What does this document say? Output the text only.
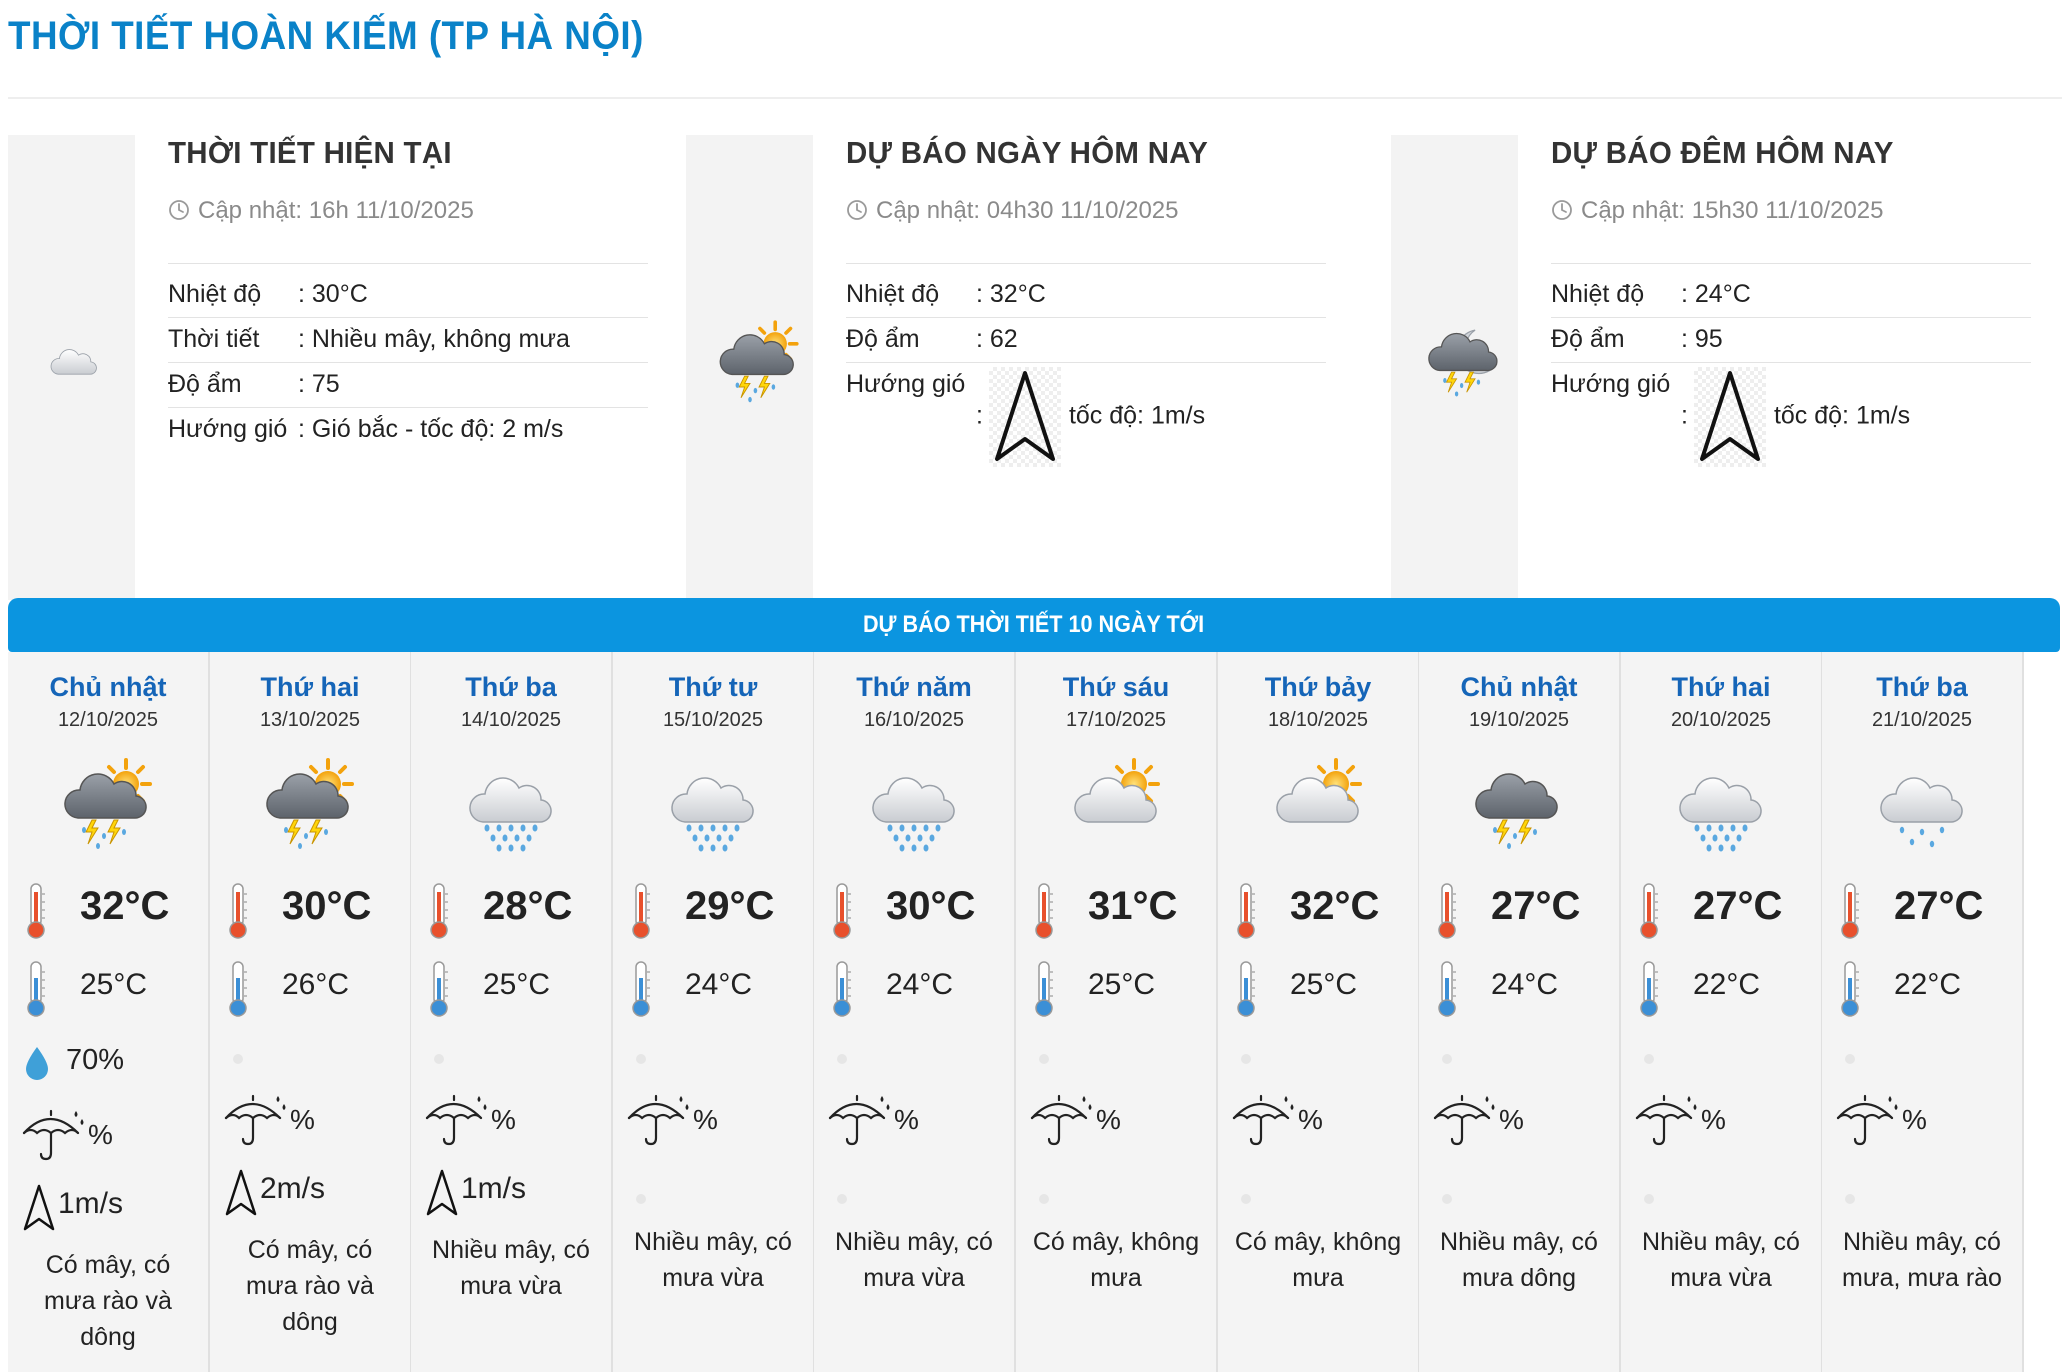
THỜI TIẾT HOÀN KIẾM (TP HÀ NỘI)
THỜI TIẾT HIỆN TẠI
Cập nhật: 16h 11/10/2025
Nhiệt độ	: 30°C
Thời tiết	: Nhiều mây, không mưa
Độ ẩm	: 75
Hướng gió	: Gió bắc - tốc độ: 2 m/s
DỰ BÁO NGÀY HÔM NAY
Cập nhật: 04h30 11/10/2025
Nhiệt độ	: 32°C
Độ ẩm	: 62
Hướng gió	: tốc độ: 1m/s
DỰ BÁO ĐÊM HÔM NAY
Cập nhật: 15h30 11/10/2025
Nhiệt độ	: 24°C
Độ ẩm	: 95
Hướng gió	: tốc độ: 1m/s
DỰ BÁO THỜI TIẾT 10 NGÀY TỚI
Chủ nhật
12/10/2025
32°C
25°C
70%
%
1m/s
Có mây, có mưa rào và dông
Thứ hai
13/10/2025
30°C
26°C
%
2m/s
Có mây, có mưa rào và dông
Thứ ba
14/10/2025
28°C
25°C
%
1m/s
Nhiều mây, có mưa vừa
Thứ tư
15/10/2025
29°C
24°C
%
Nhiều mây, có mưa vừa
Thứ năm
16/10/2025
30°C
24°C
%
Nhiều mây, có mưa vừa
Thứ sáu
17/10/2025
31°C
25°C
%
Có mây, không mưa
Thứ bảy
18/10/2025
32°C
25°C
%
Có mây, không mưa
Chủ nhật
19/10/2025
27°C
24°C
%
Nhiều mây, có mưa dông
Thứ hai
20/10/2025
27°C
22°C
%
Nhiều mây, có mưa vừa
Thứ ba
21/10/2025
27°C
22°C
%
Nhiều mây, có mưa, mưa rào
